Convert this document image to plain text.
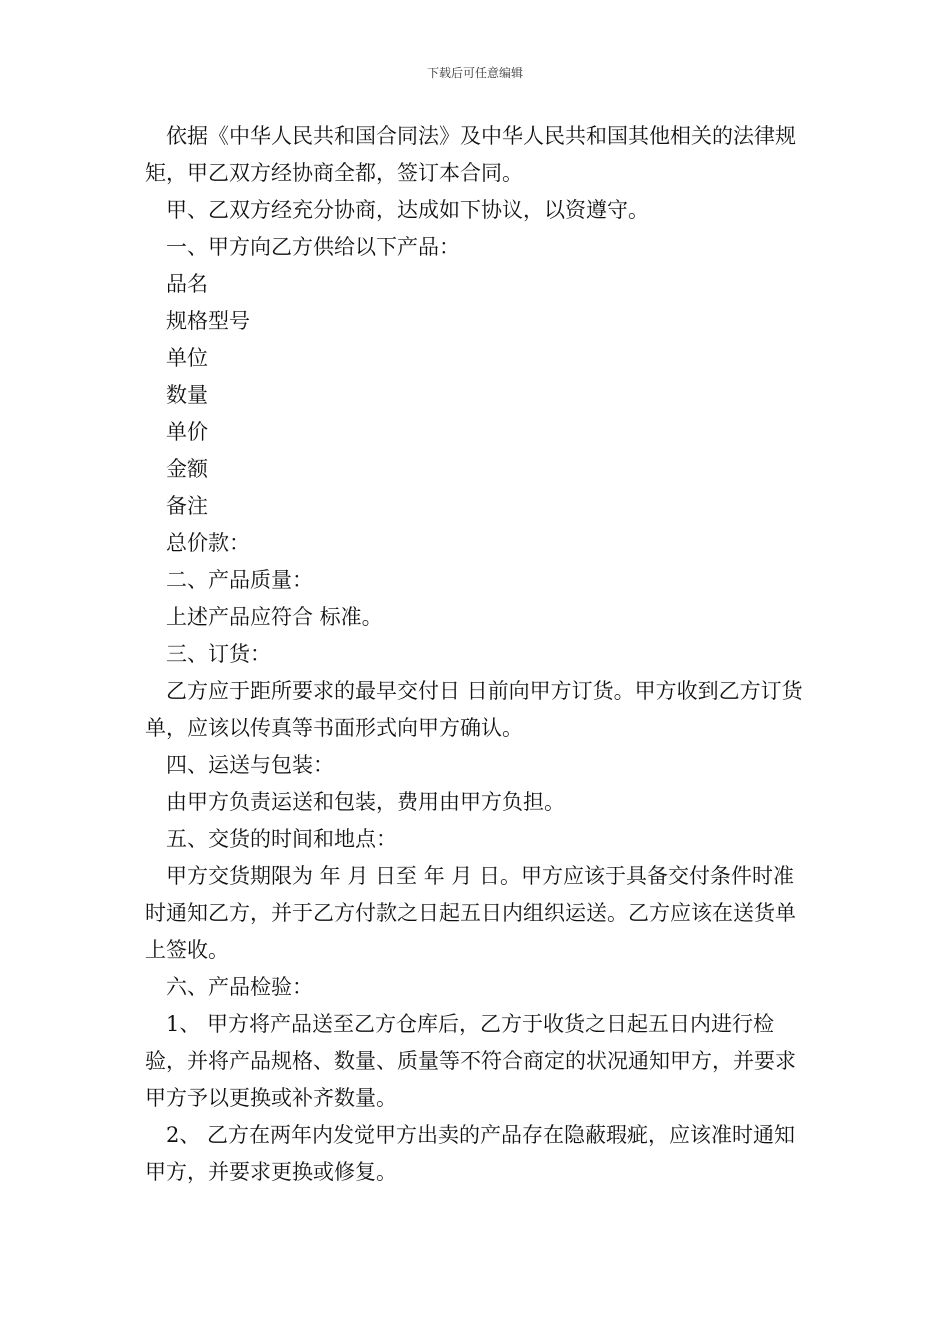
下载后可任意编辑

依据《中华人民共和国合同法》及中华人民共和国其他相关的法律规矩，甲乙双方经协商全都，签订本合同。

甲、乙双方经充分协商，达成如下协议，以资遵守。

一、甲方向乙方供给以下产品：

品名

规格型号

单位

数量

单价

金额

备注

总价款：

二、产品质量：

上述产品应符合 标准。

三、订货：

乙方应于距所要求的最早交付日 日前向甲方订货。甲方收到乙方订货单，应该以传真等书面形式向甲方确认。

四、运送与包装：

由甲方负责运送和包装，费用由甲方负担。

五、交货的时间和地点：

甲方交货期限为 年 月 日至 年 月 日。甲方应该于具备交付条件时准时通知乙方，并于乙方付款之日起五日内组织运送。乙方应该在送货单上签收。

六、产品检验：

1、 甲方将产品送至乙方仓库后，乙方于收货之日起五日内进行检验，并将产品规格、数量、质量等不符合商定的状况通知甲方，并要求甲方予以更换或补齐数量。

2、 乙方在两年内发觉甲方出卖的产品存在隐蔽瑕疵，应该准时通知甲方，并要求更换或修复。
